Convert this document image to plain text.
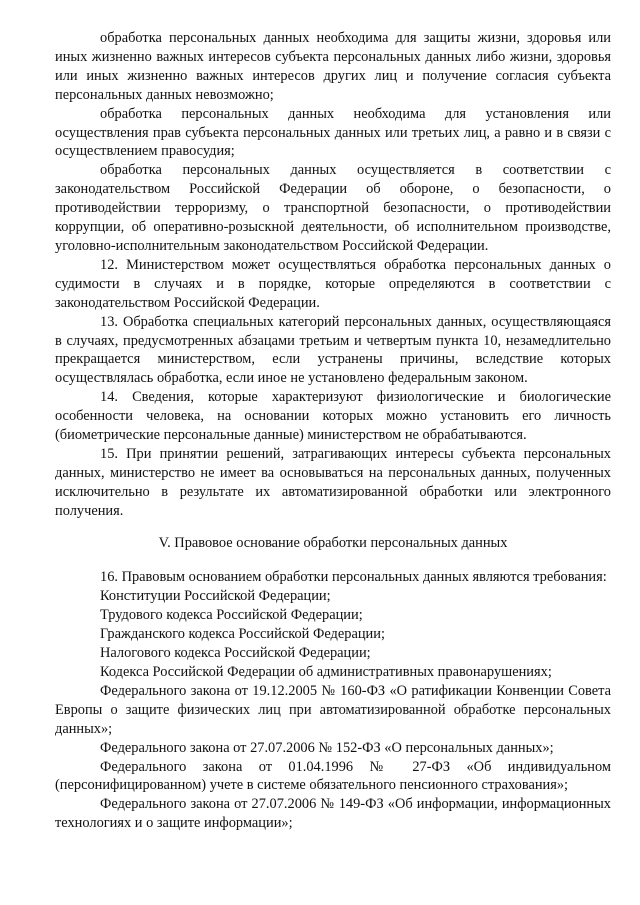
обработка персональных данных необходима для защиты жизни, здоровья или иных жизненно важных интересов субъекта персональных данных либо жизни, здоровья или иных жизненно важных интересов других лиц и получение согласия субъекта персональных данных невозможно;

обработка персональных данных необходима для установления или осуществления прав субъекта персональных данных или третьих лиц, а равно и в связи с осуществлением правосудия;

обработка персональных данных осуществляется в соответствии с законодательством Российской Федерации об обороне, о безопасности, о противодействии терроризму, о транспортной безопасности, о противодействии коррупции, об оперативно-розыскной деятельности, об исполнительном производстве, уголовно-исполнительным законодательством Российской Федерации.

12. Министерством может осуществляться обработка персональных данных о судимости в случаях и в порядке, которые определяются в соответствии с законодательством Российской Федерации.

13. Обработка специальных категорий персональных данных, осуществляющаяся в случаях, предусмотренных абзацами третьим и четвертым пункта 10, незамедлительно прекращается министерством, если устранены причины, вследствие которых осуществлялась обработка, если иное не установлено федеральным законом.

14. Сведения, которые характеризуют физиологические и биологические особенности человека, на основании которых можно установить его личность (биометрические персональные данные) министерством не обрабатываются.

15. При принятии решений, затрагивающих интересы субъекта персональных данных, министерство не имеет ва основываться на персональных данных, полученных исключительно в результате их автоматизированной обработки или электронного получения.

V. Правовое основание обработки персональных данных

16. Правовым основанием обработки персональных данных являются требования:

Конституции Российской Федерации;

Трудового кодекса Российской Федерации;

Гражданского кодекса Российской Федерации;

Налогового кодекса Российской Федерации;

Кодекса Российской Федерации об административных правонарушениях;

Федерального закона от 19.12.2005 № 160-ФЗ «О ратификации Конвенции Совета Европы о защите физических лиц при автоматизированной обработке персональных данных»;

Федерального закона от 27.07.2006 № 152-ФЗ «О персональных данных»;

Федерального закона от 01.04.1996 № 27-ФЗ «Об индивидуальном (персонифицированном) учете в системе обязательного пенсионного страхования»;

Федерального закона от 27.07.2006 № 149-ФЗ «Об информации, информационных технологиях и о защите информации»;
